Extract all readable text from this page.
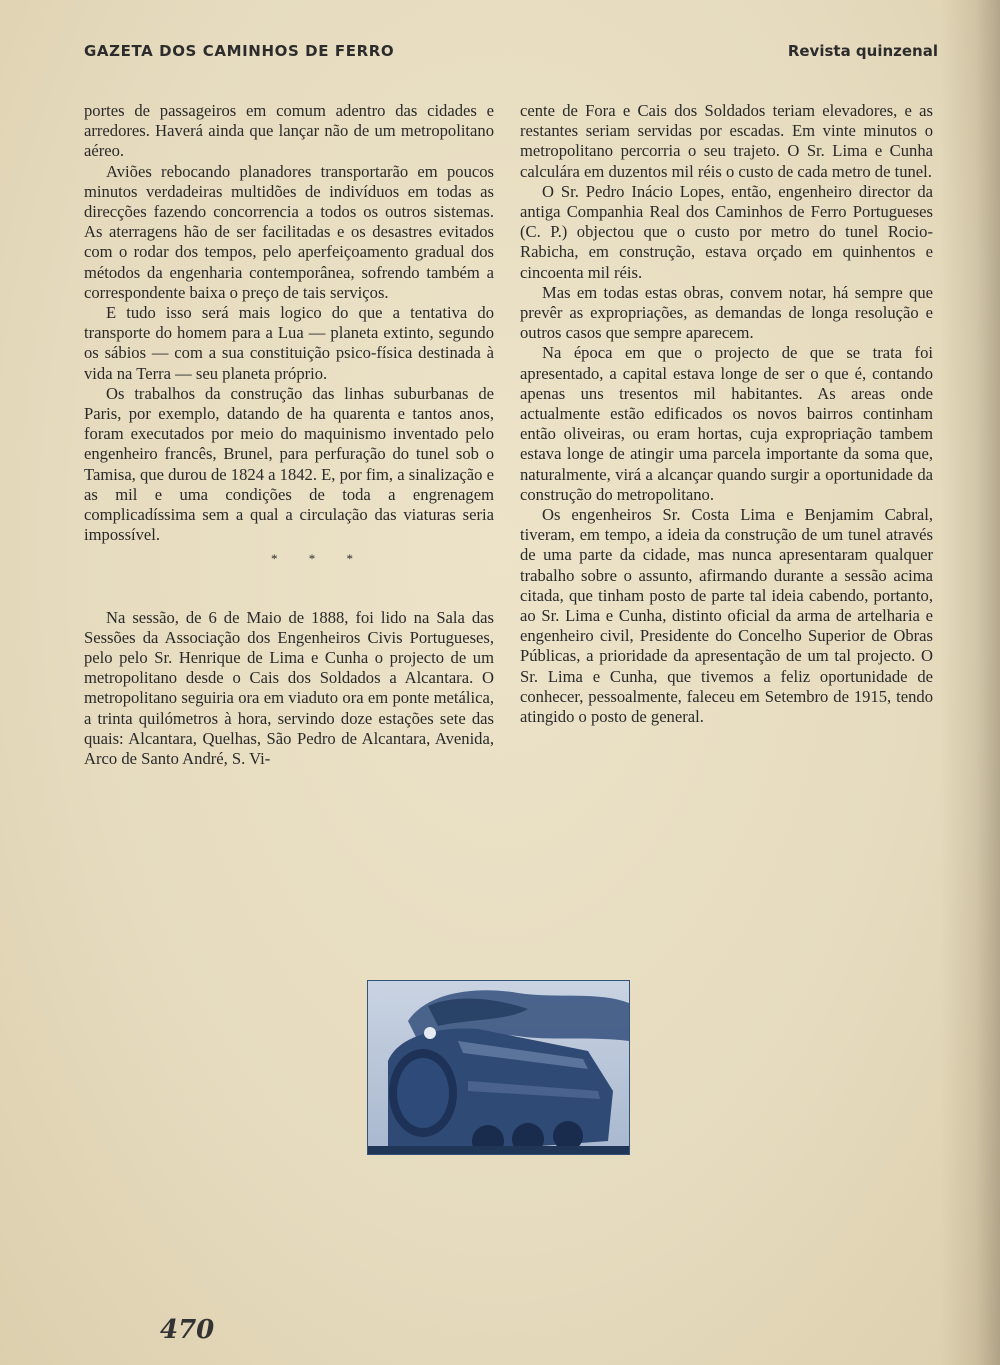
GAZETA DOS CAMINHOS DE FERRO	Revista quinzenal

portes de passageiros em comum adentro das cidades e arredores. Haverá ainda que lançar não de um metropolitano aéreo.

Aviões rebocando planadores transportarão em poucos minutos verdadeiras multidões de indivíduos em todas as direcções fazendo concorrencia a todos os outros sistemas. As aterragens hão de ser facilitadas e os desastres evitados com o rodar dos tempos, pelo aperfeiçoamento gradual dos métodos da engenharia contemporânea, sofrendo também a correspondente baixa o preço de tais serviços.

E tudo isso será mais logico do que a tentativa do transporte do homem para a Lua — planeta extinto, segundo os sábios — com a sua constituição psico-física destinada à vida na Terra — seu planeta próprio.

Os trabalhos da construção das linhas suburbanas de Paris, por exemplo, datando de ha quarenta e tantos anos, foram executados por meio do maquinismo inventado pelo engenheiro francês, Brunel, para perfuração do tunel sob o Tamisa, que durou de 1824 a 1842. E, por fim, a sinalização e as mil e uma condições de toda a engrenagem complicadíssima sem a qual a circulação das viaturas seria impossível.

* * *

Na sessão, de 6 de Maio de 1888, foi lido na Sala das Sessões da Associação dos Engenheiros Civis Portugueses, pelo pelo Sr. Henrique de Lima e Cunha o projecto de um metropolitano desde o Cais dos Soldados a Alcantara. O metropolitano seguiria ora em viaduto ora em ponte metálica, a trinta quilómetros à hora, servindo doze estações sete das quais: Alcantara, Quelhas, São Pedro de Alcantara, Avenida, Arco de Santo André, S. Vi-

cente de Fora e Cais dos Soldados teriam elevadores, e as restantes seriam servidas por escadas. Em vinte minutos o metropolitano percorria o seu trajeto. O Sr. Lima e Cunha calculára em duzentos mil réis o custo de cada metro de tunel.

O Sr. Pedro Inácio Lopes, então, engenheiro director da antiga Companhia Real dos Caminhos de Ferro Portugueses (C. P.) objectou que o custo por metro do tunel Rocio-Rabicha, em construção, estava orçado em quinhentos e cincoenta mil réis.

Mas em todas estas obras, convem notar, há sempre que prevêr as expropriações, as demandas de longa resolução e outros casos que sempre aparecem.

Na época em que o projecto de que se trata foi apresentado, a capital estava longe de ser o que é, contando apenas uns tresentos mil habitantes. As areas onde actualmente estão edificados os novos bairros continham então oliveiras, ou eram hortas, cuja expropriação tambem estava longe de atingir uma parcela importante da soma que, naturalmente, virá a alcançar quando surgir a oportunidade da construção do metropolitano.

Os engenheiros Sr. Costa Lima e Benjamim Cabral, tiveram, em tempo, a ideia da construção de um tunel através de uma parte da cidade, mas nunca apresentaram qualquer trabalho sobre o assunto, afirmando durante a sessão acima citada, que tinham posto de parte tal ideia cabendo, portanto, ao Sr. Lima e Cunha, distinto oficial da arma de artelharia e engenheiro civil, Presidente do Concelho Superior de Obras Públicas, a prioridade da apresentação de um tal projecto. O Sr. Lima e Cunha, que tivemos a feliz oportunidade de conhecer, pessoalmente, faleceu em Setembro de 1915, tendo atingido o posto de general.

470
